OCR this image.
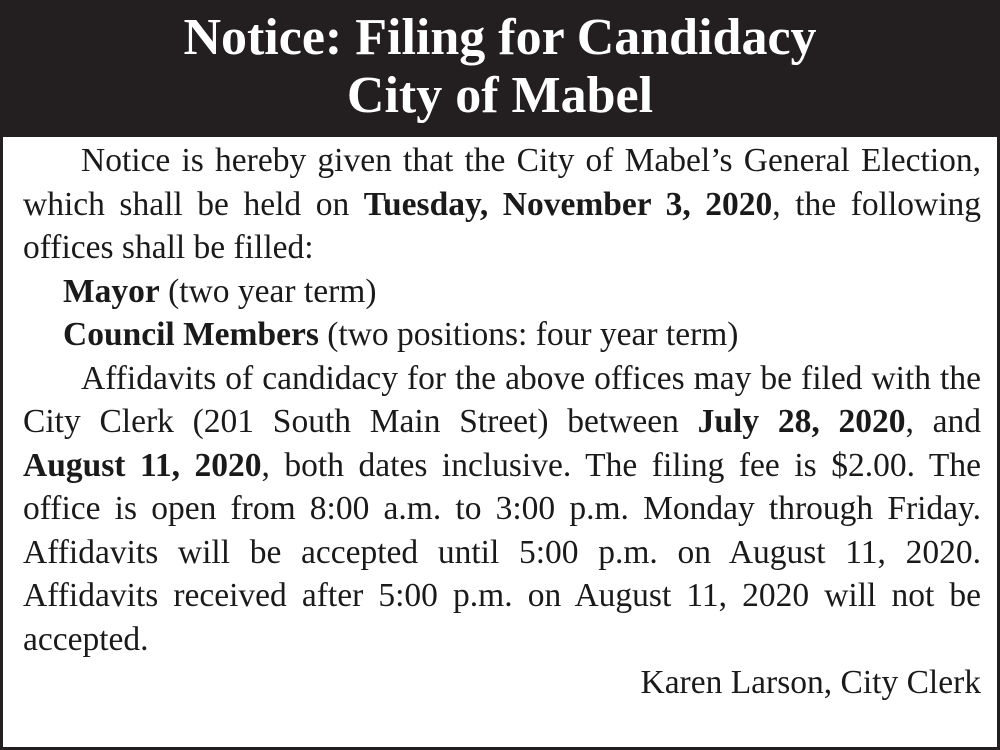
Notice: Filing for Candidacy
City of Mabel

Notice is hereby given that the City of Mabel’s General Election, which shall be held on Tuesday, November 3, 2020, the following offices shall be filled:

Mayor (two year term)

Council Members (two positions: four year term)

Affidavits of candidacy for the above offices may be filed with the City Clerk (201 South Main Street) between July 28, 2020, and August 11, 2020, both dates inclusive. The filing fee is $2.00. The office is open from 8:00 a.m. to 3:00 p.m. Monday through Friday. Affidavits will be accepted until 5:00 p.m. on August 11, 2020. Affidavits received after 5:00 p.m. on August 11, 2020 will not be accepted.

Karen Larson, City Clerk
